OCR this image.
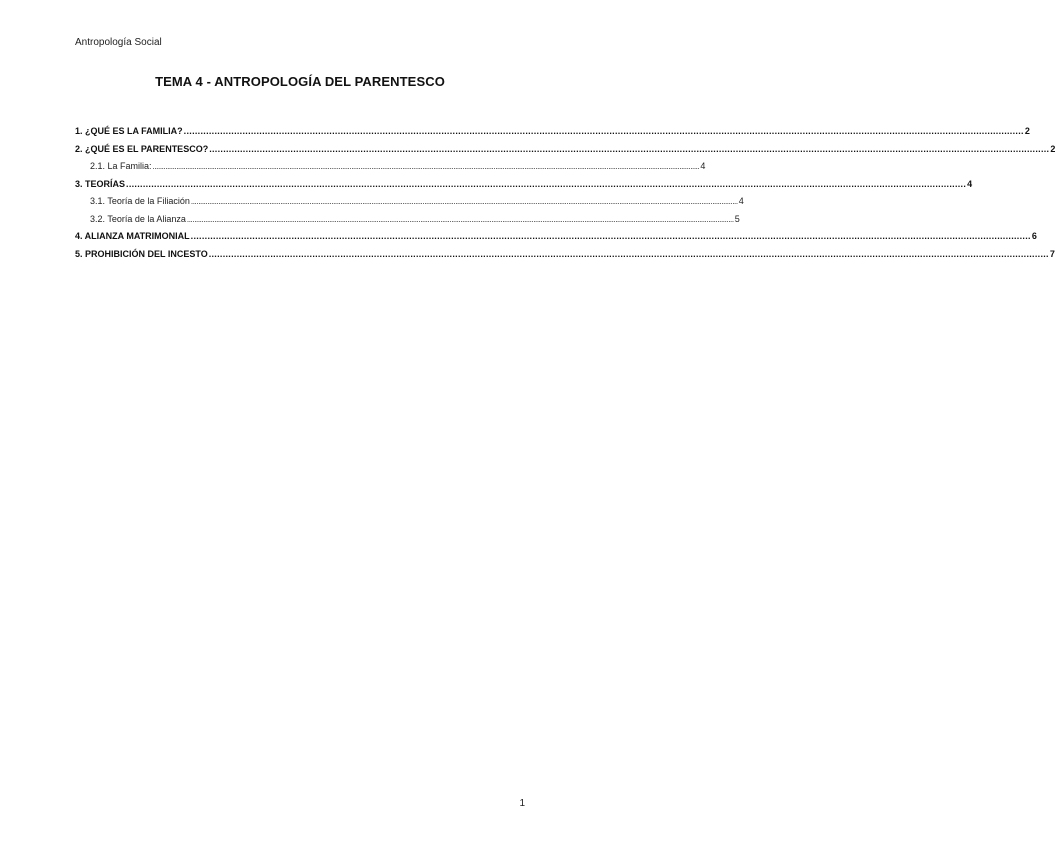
Antropología Social
TEMA 4 - ANTROPOLOGÍA DEL PARENTESCO
1. ¿QUÉ ES LA FAMILIA? ............................................................................................................................................................................................................................................................................................................ 2
2. ¿QUÉ ES EL PARENTESCO? ............................................................................................................................................................................................................................................................................................................ 2
2.1. La Familia: ............................................................................................................................................................................................................................................................................................................ 4
3. TEORÍAS ............................................................................................................................................................................................................................................................................................................ 4
3.1. Teoría de la Filiación ............................................................................................................................................................................................................................................................................................................ 4
3.2. Teoría de la Alianza ............................................................................................................................................................................................................................................................................................................ 5
4. ALIANZA MATRIMONIAL ............................................................................................................................................................................................................................................................................................................ 6
5. PROHIBICIÓN DEL INCESTO ............................................................................................................................................................................................................................................................................................................ 7
1
